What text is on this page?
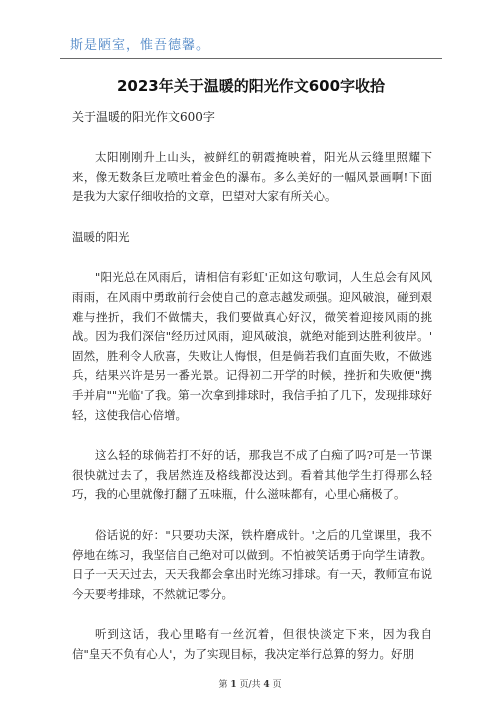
斯是陋室，惟吾德馨。
2023年关于温暖的阳光作文600字收拾
关于温暖的阳光作文600字

太阳刚刚升上山头，被鲜红的朝霞掩映着，阳光从云缝里照耀下来，像无数条巨龙喷吐着金色的瀑布。多么美好的一幅风景画啊!下面是我为大家仔细收拾的文章，巴望对大家有所关心。

温暖的阳光

"阳光总在风雨后，请相信有彩虹'正如这句歌词，人生总会有风风雨雨，在风雨中勇敢前行会使自己的意志越发顽强。迎风破浪，碰到艰难与挫折，我们不做懦夫，我们要做真心好汉，微笑着迎接风雨的挑战。因为我们深信"经历过风雨，迎风破浪，就绝对能到达胜利彼岸。' 固然，胜利令人欣喜，失败让人悔恨，但是倘若我们直面失败，不做逃兵，结果兴许是另一番光景。记得初二开学的时候，挫折和失败便"携手并肩""光临'了我。第一次拿到排球时，我信手拍了几下，发现排球好轻，这使我信心倍增。

这么轻的球倘若打不好的话，那我岂不成了白痴了吗?可是一节课很快就过去了，我居然连及格线都没达到。看着其他学生打得那么轻巧，我的心里就像打翻了五味瓶，什么滋味都有，心里心痛极了。

俗话说的好："只要功夫深，铁杵磨成针。'之后的几堂课里，我不停地在练习，我坚信自己绝对可以做到。不怕被笑话勇于向学生请教。日子一天天过去，天天我都会拿出时光练习排球。有一天，教师宣布说今天要考排球，不然就记零分。

听到这话，我心里略有一丝沉着，但很快淡定下来，因为我自信"皇天不负有心人'，为了实现目标，我决定举行总算的努力。好朋

第 1 页/共 4 页
